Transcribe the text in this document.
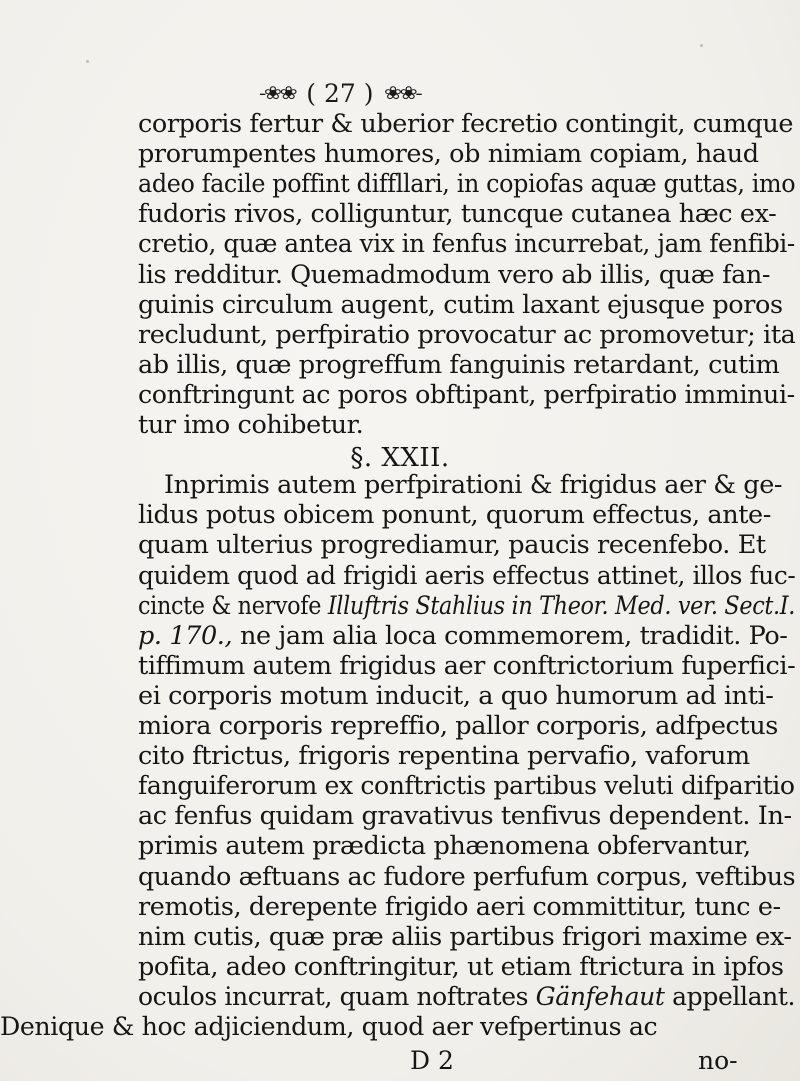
-❀❀ ( 27 ) ❀❀-
corporis fertur & uberior fecretio contingit, cumque
prorumpentes humores, ob nimiam copiam, haud
adeo facile poffint diffllari, in copiofas aquæ guttas, imo
fudoris rivos, colliguntur, tuncque cutanea hæc ex-
cretio, quæ antea vix in fenfus incurrebat, jam fenfibi-
lis redditur. Quemadmodum vero ab illis, quæ fan-
guinis circulum augent, cutim laxant ejusque poros
recludunt, perfpiratio provocatur ac promovetur; ita
ab illis, quæ progreffum fanguinis retardant, cutim
conftringunt ac poros obftipant, perfpiratio imminui-
tur imo cohibetur.
§. XXII.
Inprimis autem perfpirationi & frigidus aer & ge-
lidus potus obicem ponunt, quorum effectus, ante-
quam ulterius progrediamur, paucis recenfebo. Et
quidem quod ad frigidi aeris effectus attinet, illos fuc-
cincte & nervofe Illuftris Stahlius in Theor. Med. ver. Sect.I.
p. 170., ne jam alia loca commemorem, tradidit. Po-
tiffimum autem frigidus aer conftrictorium fuperfici-
ei corporis motum inducit, a quo humorum ad inti-
miora corporis repreffio, pallor corporis, adfpectus
cito ftrictus, frigoris repentina pervafio, vaforum
fanguiferorum ex conftrictis partibus veluti difparitio
ac fenfus quidam gravativus tenfivus dependent. In-
primis autem prædicta phænomena obfervantur,
quando æftuans ac fudore perfufum corpus, veftibus
remotis, derepente frigido aeri committitur, tunc e-
nim cutis, quæ præ aliis partibus frigori maxime ex-
pofita, adeo conftringitur, ut etiam ftrictura in ipfos
oculos incurrat, quam noftrates Gänfehaut appellant.
Denique & hoc adjiciendum, quod aer vefpertinus ac
D 2	no-
